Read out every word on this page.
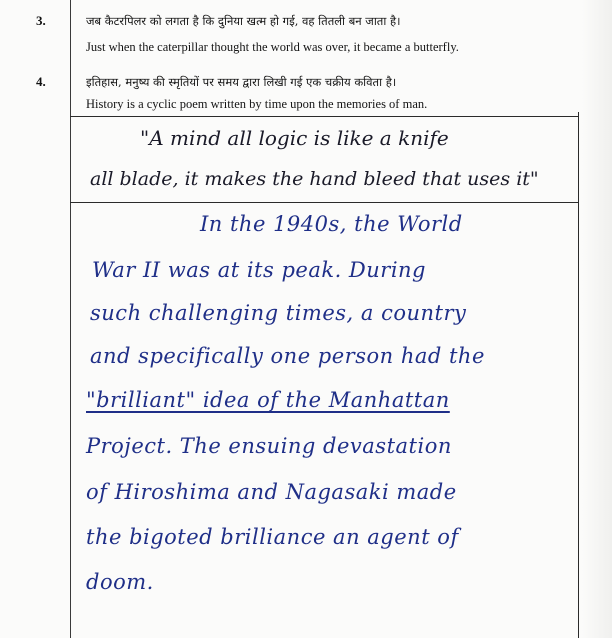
3.	जब कैटरपिलर को लगता है कि दुनिया खत्म हो गई, वह तितली बन जाता है।
Just when the caterpillar thought the world was over, it became a butterfly.
4.	इतिहास, मनुष्य की स्मृतियों पर समय द्वारा लिखी गई एक चक्रीय कविता है।
History is a cyclic poem written by time upon the memories of man.
"A mind all logic is like a knife
all blade, it makes the hand bleed that uses it"
In the 1940s, the World
War II was at its peak. During
such challenging times, a country
and specifically one person had the
"brilliant" idea of the Manhattan
Project. The ensuing devastation
of Hiroshima and Nagasaki made
the bigoted brilliance an agent of
doom.
